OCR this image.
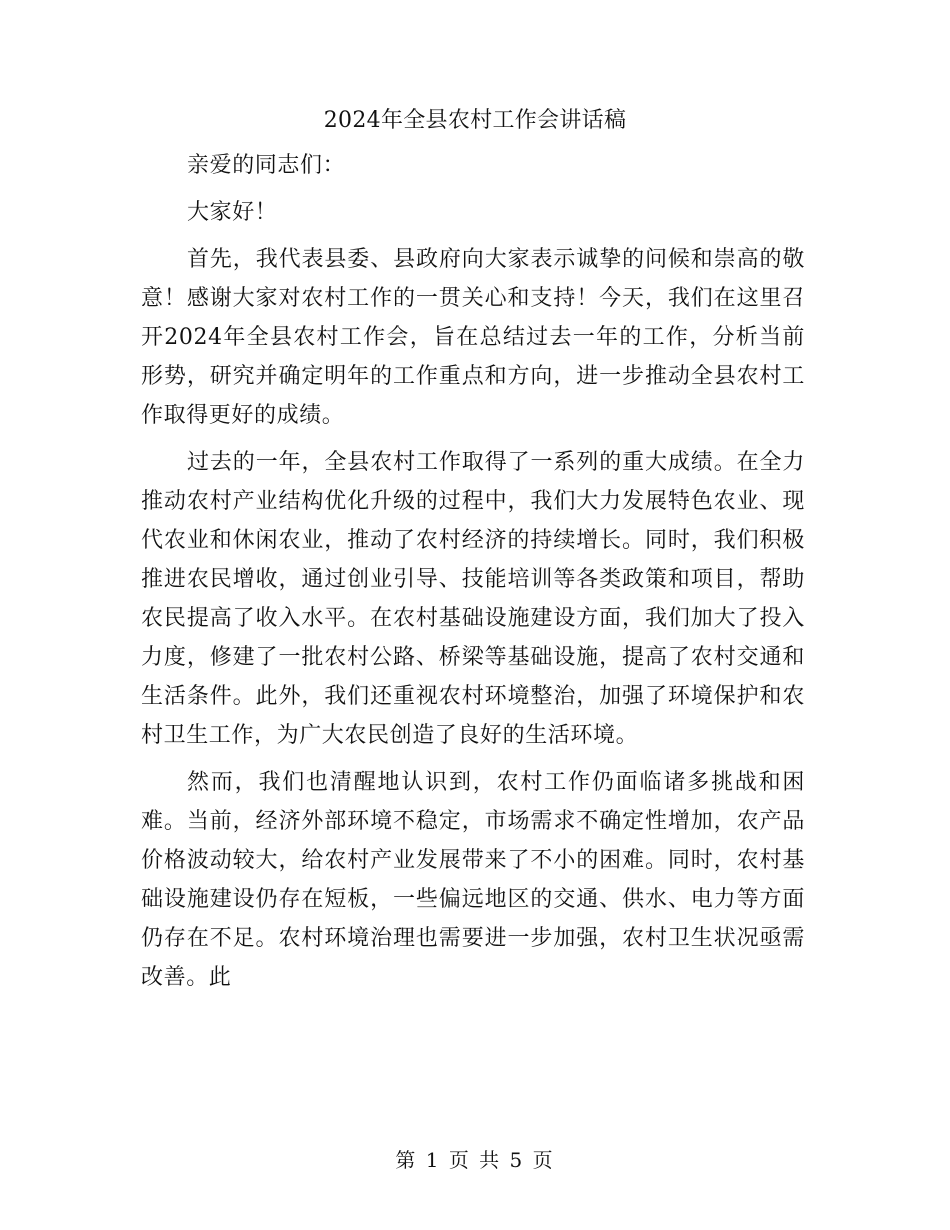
2024年全县农村工作会讲话稿

亲爱的同志们：

大家好！

首先，我代表县委、县政府向大家表示诚挚的问候和崇高的敬意！感谢大家对农村工作的一贯关心和支持！今天，我们在这里召开2024年全县农村工作会，旨在总结过去一年的工作，分析当前形势，研究并确定明年的工作重点和方向，进一步推动全县农村工作取得更好的成绩。

过去的一年，全县农村工作取得了一系列的重大成绩。在全力推动农村产业结构优化升级的过程中，我们大力发展特色农业、现代农业和休闲农业，推动了农村经济的持续增长。同时，我们积极推进农民增收，通过创业引导、技能培训等各类政策和项目，帮助农民提高了收入水平。在农村基础设施建设方面，我们加大了投入力度，修建了一批农村公路、桥梁等基础设施，提高了农村交通和生活条件。此外，我们还重视农村环境整治，加强了环境保护和农村卫生工作，为广大农民创造了良好的生活环境。

然而，我们也清醒地认识到，农村工作仍面临诸多挑战和困难。当前，经济外部环境不稳定，市场需求不确定性增加，农产品价格波动较大，给农村产业发展带来了不小的困难。同时，农村基础设施建设仍存在短板，一些偏远地区的交通、供水、电力等方面仍存在不足。农村环境治理也需要进一步加强，农村卫生状况亟需改善。此

第 1 页 共 5 页
